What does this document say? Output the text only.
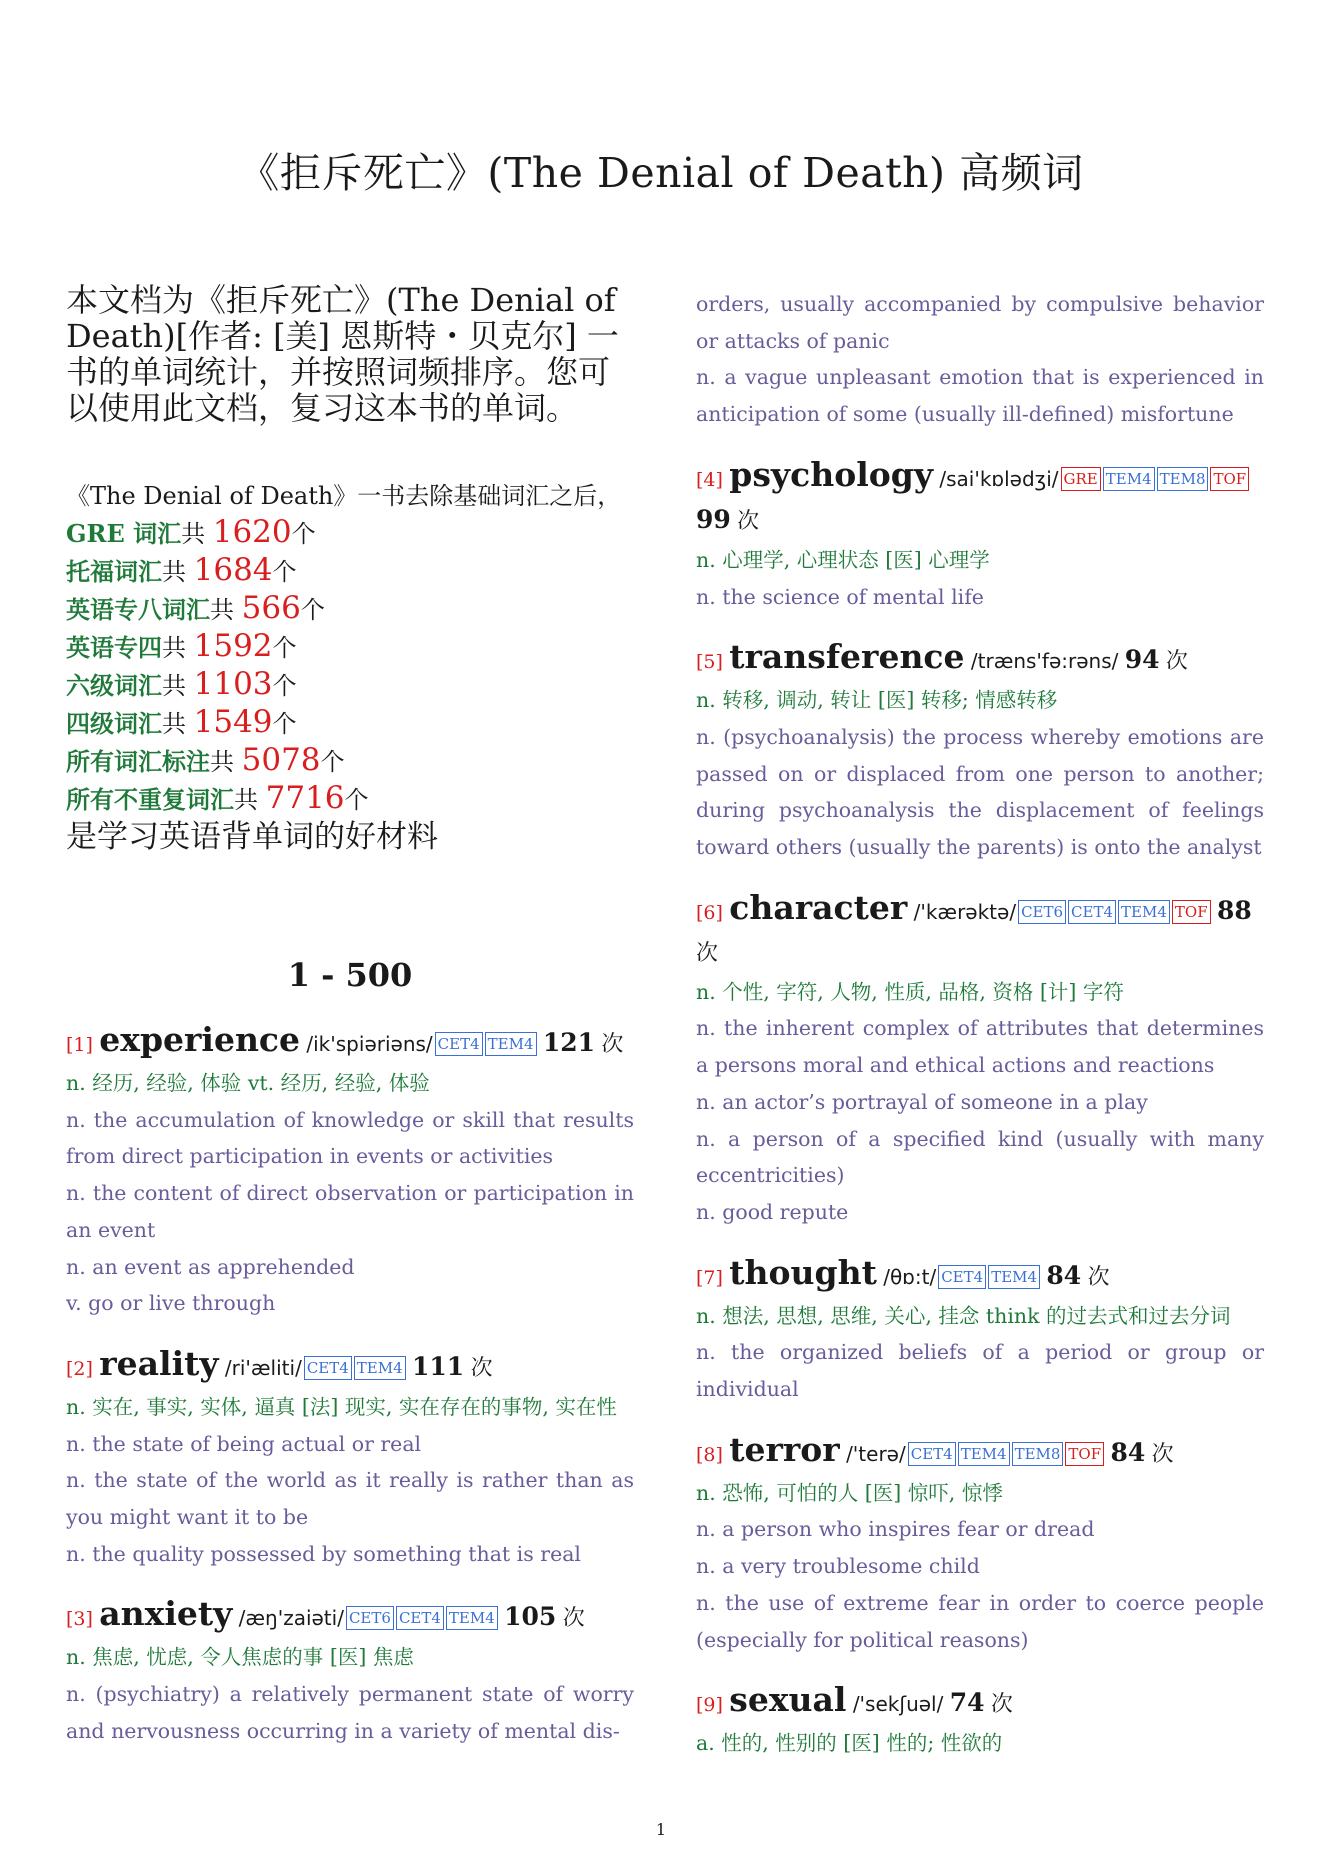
《拒斥死亡》(The Denial of Death) 高频词

本文档为《拒斥死亡》(The Denial of Death)[作者: [美] 恩斯特・贝克尔] 一书的单词统计，并按照词频排序。您可以使用此文档，复习这本书的单词。

《The Denial of Death》一书去除基础词汇之后，
GRE 词汇共 1620个
托福词汇共 1684个
英语专八词汇共 566个
英语专四共 1592个
六级词汇共 1103个
四级词汇共 1549个
所有词汇标注共 5078个
所有不重复词汇共 7716个
是学习英语背单词的好材料
1 - 500
[1] experience /ik'spiəriəns/ CET4 TEM4 121 次
n. 经历, 经验, 体验 vt. 经历, 经验, 体验
n. the accumulation of knowledge or skill that results from direct participation in events or activities
n. the content of direct observation or participation in an event
n. an event as apprehended
v. go or live through
[2] reality /ri'æliti/ CET4 TEM4 111 次
n. 实在, 事实, 实体, 逼真 [法] 现实, 实在存在的事物, 实在性
n. the state of being actual or real
n. the state of the world as it really is rather than as you might want it to be
n. the quality possessed by something that is real
[3] anxiety /æŋ'zaiəti/ CET6 CET4 TEM4 105 次
n. 焦虑, 忧虑, 令人焦虑的事 [医] 焦虑
n. (psychiatry) a relatively permanent state of worry and nervousness occurring in a variety of mental dis-
orders, usually accompanied by compulsive behavior or attacks of panic
n. a vague unpleasant emotion that is experienced in anticipation of some (usually ill-defined) misfortune
[4] psychology /sai'kɒlədʒi/ GRE TEM4 TEM8 TOF 99 次
n. 心理学, 心理状态 [医] 心理学
n. the science of mental life
[5] transference /træns'fə:rəns/ 94 次
n. 转移, 调动, 转让 [医] 转移; 情感转移
n. (psychoanalysis) the process whereby emotions are passed on or displaced from one person to another; during psychoanalysis the displacement of feelings toward others (usually the parents) is onto the analyst
[6] character /'kærəktə/ CET6 CET4 TEM4 TOF 88 次
n. 个性, 字符, 人物, 性质, 品格, 资格 [计] 字符
n. the inherent complex of attributes that determines a persons moral and ethical actions and reactions
n. an actor’s portrayal of someone in a play
n. a person of a specified kind (usually with many eccentricities)
n. good repute
[7] thought /θɒ:t/ CET4 TEM4 84 次
n. 想法, 思想, 思维, 关心, 挂念 think 的过去式和过去分词
n. the organized beliefs of a period or group or individual
[8] terror /'terə/ CET4 TEM4 TEM8 TOF 84 次
n. 恐怖, 可怕的人 [医] 惊吓, 惊悸
n. a person who inspires fear or dread
n. a very troublesome child
n. the use of extreme fear in order to coerce people (especially for political reasons)
[9] sexual /'sekʃuəl/ 74 次
a. 性的, 性别的 [医] 性的; 性欲的
1
